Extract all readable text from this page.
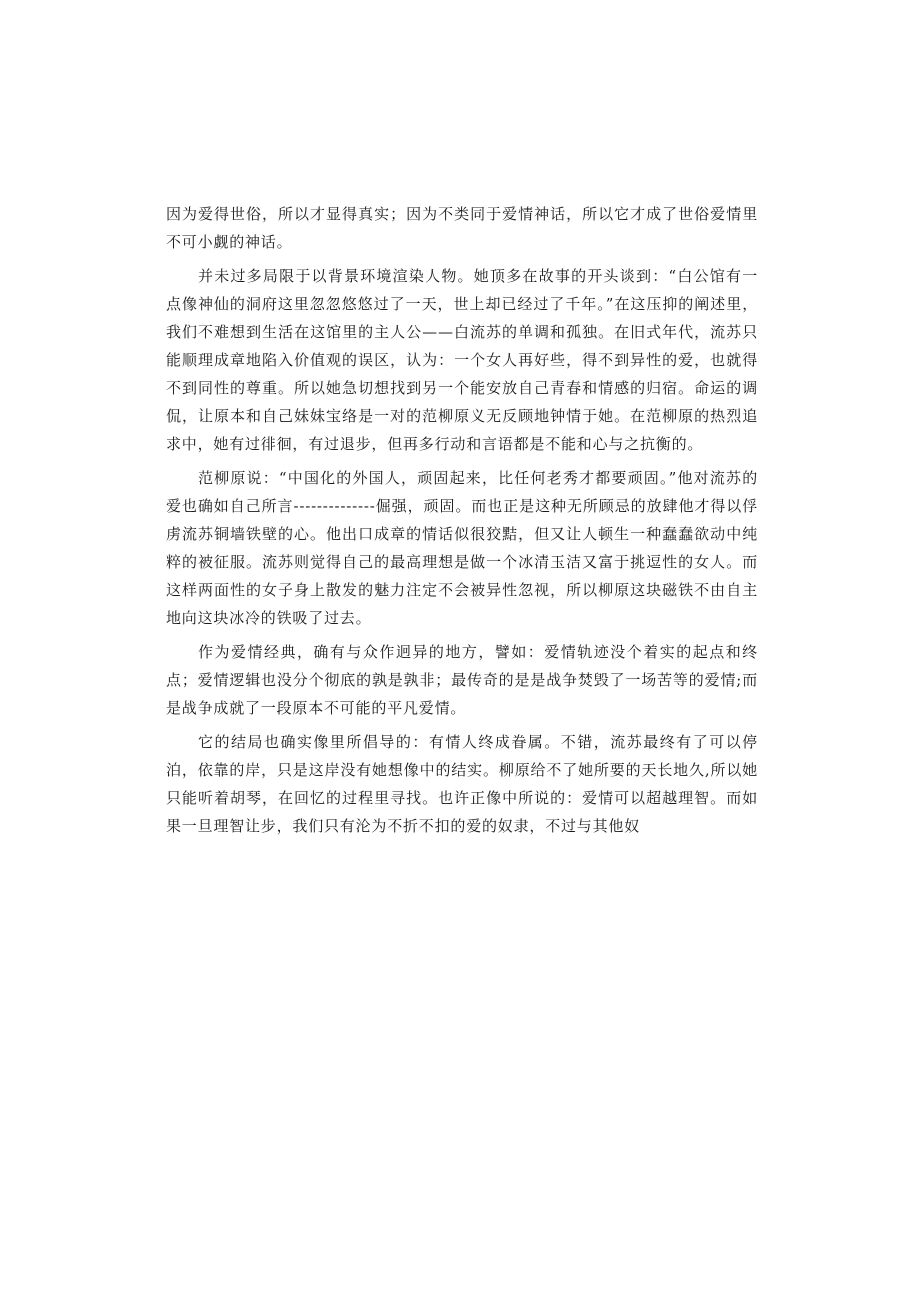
因为爱得世俗，所以才显得真实；因为不类同于爱情神话，所以它才成了世俗爱情里不可小觑的神话。

并未过多局限于以背景环境渲染人物。她顶多在故事的开头谈到：“白公馆有一点像神仙的洞府这里忽忽悠悠过了一天，世上却已经过了千年。”在这压抑的阐述里，我们不难想到生活在这馆里的主人公——白流苏的单调和孤独。在旧式年代，流苏只能顺理成章地陷入价值观的误区，认为：一个女人再好些，得不到异性的爱，也就得不到同性的尊重。所以她急切想找到另一个能安放自己青春和情感的归宿。命运的调侃，让原本和自己妹妹宝络是一对的范柳原义无反顾地钟情于她。在范柳原的热烈追求中，她有过徘徊，有过退步，但再多行动和言语都是不能和心与之抗衡的。

范柳原说：“中国化的外国人，顽固起来，比任何老秀才都要顽固。”他对流苏的爱也确如自己所言--------------倔强，顽固。而也正是这种无所顾忌的放肆他才得以俘虏流苏铜墙铁壁的心。他出口成章的情话似很狡黠，但又让人顿生一种蠢蠢欲动中纯粹的被征服。流苏则觉得自己的最高理想是做一个冰清玉洁又富于挑逗性的女人。而这样两面性的女子身上散发的魅力注定不会被异性忽视，所以柳原这块磁铁不由自主地向这块冰冷的铁吸了过去。

作为爱情经典，确有与众作迥异的地方，譬如：爱情轨迹没个着实的起点和终点；爱情逻辑也没分个彻底的孰是孰非；最传奇的是是战争焚毁了一场苦等的爱情;而是战争成就了一段原本不可能的平凡爱情。

它的结局也确实像里所倡导的：有情人终成眷属。不错，流苏最终有了可以停泊，依靠的岸，只是这岸没有她想像中的结实。柳原给不了她所要的天长地久,所以她只能听着胡琴，在回忆的过程里寻找。也许正像中所说的：爱情可以超越理智。而如果一旦理智让步，我们只有沦为不折不扣的爱的奴隶，不过与其他奴
